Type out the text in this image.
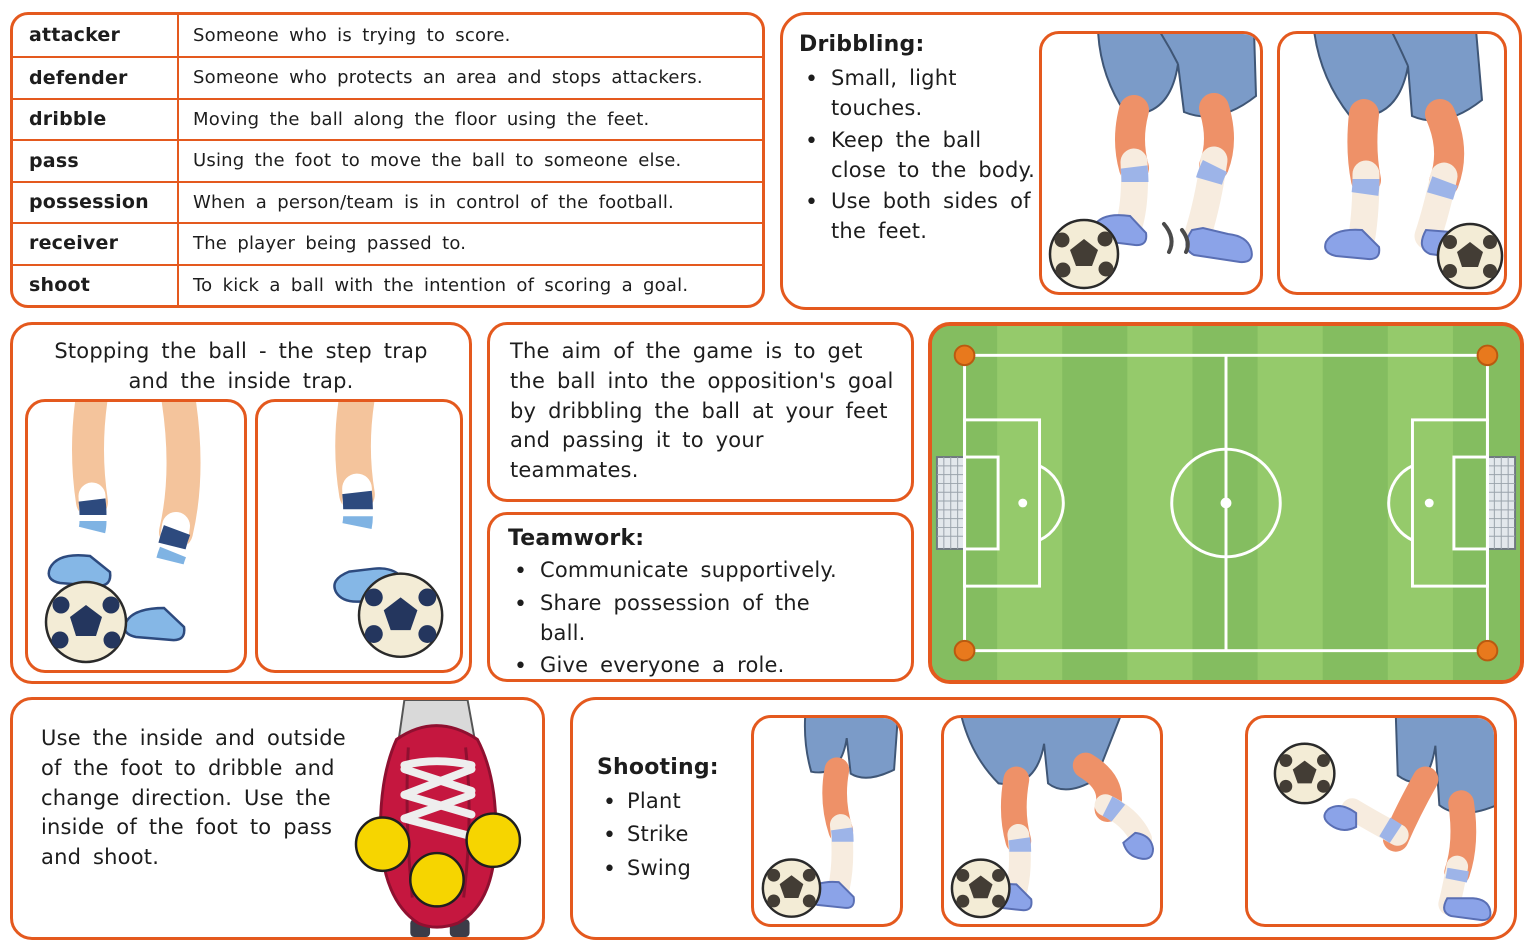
attacker	Someone who is trying to score.
defender	Someone who protects an area and stops attackers.
dribble	Moving the ball along the floor using the feet.
pass	Using the foot to move the ball to someone else.
possession	When a person/team is in control of the football.
receiver	The player being passed to.
shoot	To kick a ball with the intention of scoring a goal.
Dribbling:
• Small, light touches.
• Keep the ball close to the body.
• Use both sides of the feet.
Stopping the ball - the step trap and the inside trap.
The aim of the game is to get the ball into the opposition's goal by dribbling the ball at your feet and passing it to your teammates.
Teamwork:
• Communicate supportively.
• Share possession of the ball.
• Give everyone a role.
Use the inside and outside of the foot to dribble and change direction. Use the inside of the foot to pass and shoot.
Shooting:
• Plant
• Strike
• Swing
